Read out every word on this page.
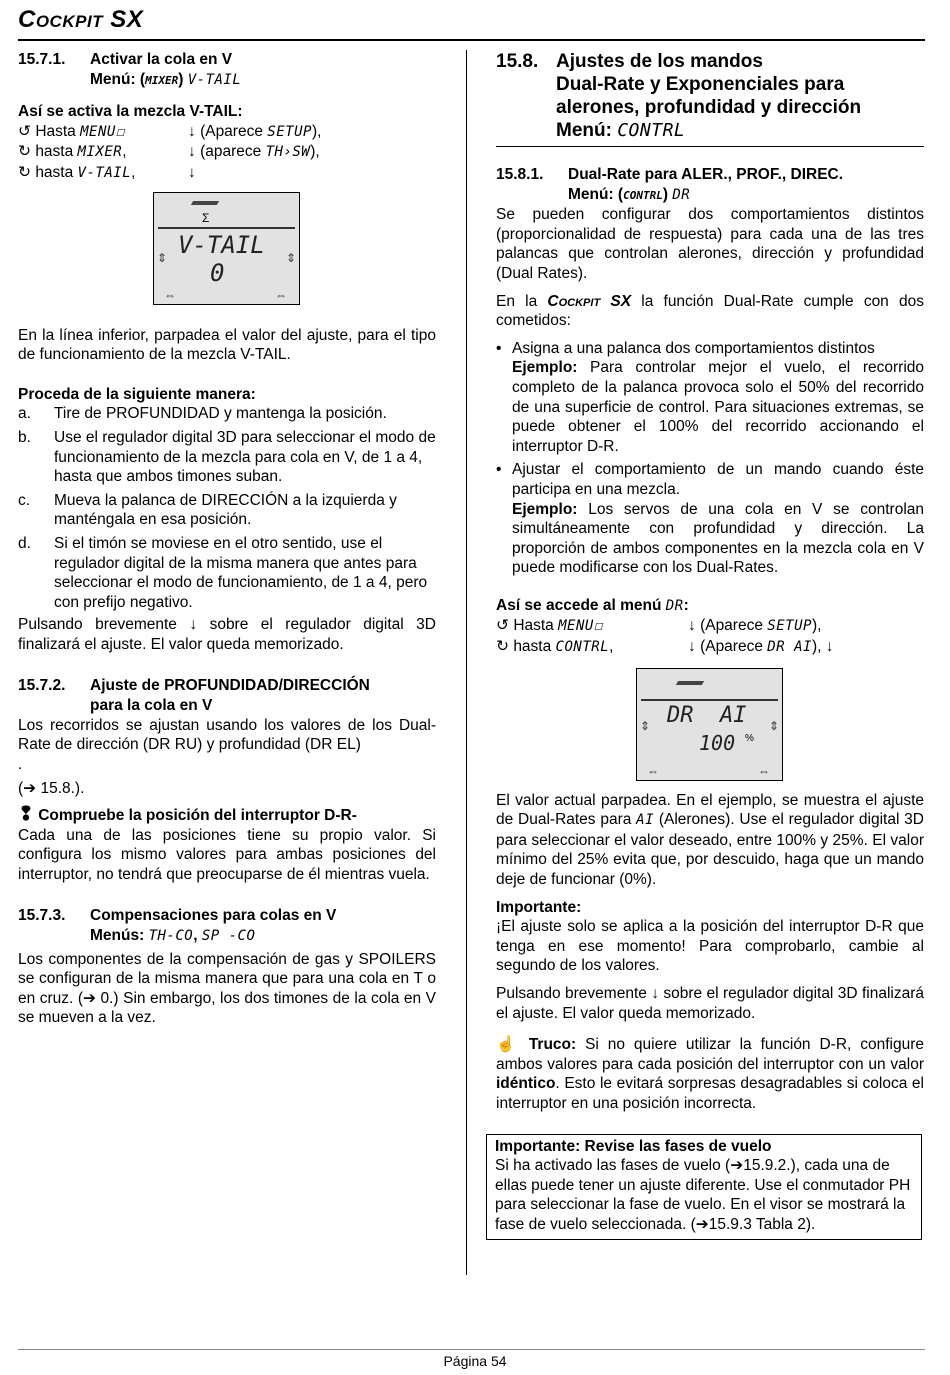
Cockpit SX
15.7.1.	Activar la cola en V
Menú: (MIXER) V-TAIL

Así se activa la mezcla V-TAIL:

↺ Hasta MENU☐	↓ (Aparece SETUP),
↻ hasta MIXER,	↓ (aparece TH›SW),
↻ hasta V-TAIL,	↓
Σ
⇕	⇕
V-TAIL
0
⇔	⇔

En la línea inferior, parpadea el valor del ajuste, para el tipo de funcionamiento de la mezcla V-TAIL.

Proceda de la siguiente manera:

a.	Tire de PROFUNDIDAD y mantenga la posición.
b.	Use el regulador digital 3D para seleccionar el modo de funcionamiento de la mezcla para cola en V, de 1 a 4, hasta que ambos timones suban.
c.	Mueva la palanca de DIRECCIÓN a la izquierda y manténgala en esa posición.
d.	Si el timón se moviese en el otro sentido, use el regulador digital de la misma manera que antes para seleccionar el modo de funcionamiento, de 1 a 4, pero con prefijo negativo.

Pulsando brevemente ↓ sobre el regulador digital 3D finalizará el ajuste. El valor queda memorizado.

15.7.2.	Ajuste de PROFUNDIDAD/DIRECCIÓN
para la cola en V

Los recorridos se ajustan usando los valores de los Dual-Rate de dirección (DR RU) y profundidad (DR EL)

.

(➔ 15.8.).

❢ Compruebe la posición del interruptor D-R-

Cada una de las posiciones tiene su propio valor. Si configura los mismo valores para ambas posiciones del interruptor, no tendrá que preocuparse de él mientras vuela.

15.7.3.	Compensaciones para colas en V
Menús: TH-CO, SP -CO

Los componentes de la compensación de gas y SPOILERS se configuran de la misma manera que para una cola en T o en cruz. (➔ 0.) Sin embargo, los dos timones de la cola en V se mueven a la vez.

15.8. Ajustes de los mandos
Dual-Rate y Exponenciales para
alerones, profundidad y dirección
Menú: CONTRL
15.8.1.	Dual-Rate para ALER., PROF., DIREC.
Menú: (CONTRL) DR

Se pueden configurar dos comportamientos distintos (proporcionalidad de respuesta) para cada una de las tres palancas que controlan alerones, dirección y profundidad (Dual Rates).

En la Cockpit SX la función Dual-Rate cumple con dos cometidos:

• Asigna a una palanca dos comportamientos distintos
Ejemplo: Para controlar mejor el vuelo, el recorrido completo de la palanca provoca solo el 50% del recorrido de una superficie de control. Para situaciones extremas, se puede obtener el 100% del recorrido accionando el interruptor D-R.
• Ajustar el comportamiento de un mando cuando éste participa en una mezcla.
Ejemplo: Los servos de una cola en V se controlan simultáneamente con profundidad y dirección. La proporción de ambos componentes en la mezcla cola en V puede modificarse con los Dual-Rates.

Así se accede al menú DR:

↺ Hasta MENU☐	↓ (Aparece SETUP),
↻ hasta CONTRL,	↓ (Aparece DR AI), ↓
⇕	⇕
DR  AI
100 %
⇔	⇔

El valor actual parpadea. En el ejemplo, se muestra el ajuste de Dual-Rates para AI (Alerones). Use el regulador digital 3D para seleccionar el valor deseado, entre 100% y 25%. El valor mínimo del 25% evita que, por descuido, haga que un mando deje de funcionar (0%).

Importante:

¡El ajuste solo se aplica a la posición del interruptor D-R que tenga en ese momento! Para comprobarlo, cambie al segundo de los valores.

Pulsando brevemente ↓ sobre el regulador digital 3D finalizará el ajuste. El valor queda memorizado.

☝ Truco: Si no quiere utilizar la función D-R, configure ambos valores para cada posición del interruptor con un valor idéntico. Esto le evitará sorpresas desagradables si coloca el interruptor en una posición incorrecta.

Importante: Revise las fases de vuelo

Si ha activado las fases de vuelo (➔15.9.2.), cada una de ellas puede tener un ajuste diferente. Use el conmutador PH para seleccionar la fase de vuelo. En el visor se mostrará la fase de vuelo seleccionada. (➔15.9.3 Tabla 2).

Página 54
